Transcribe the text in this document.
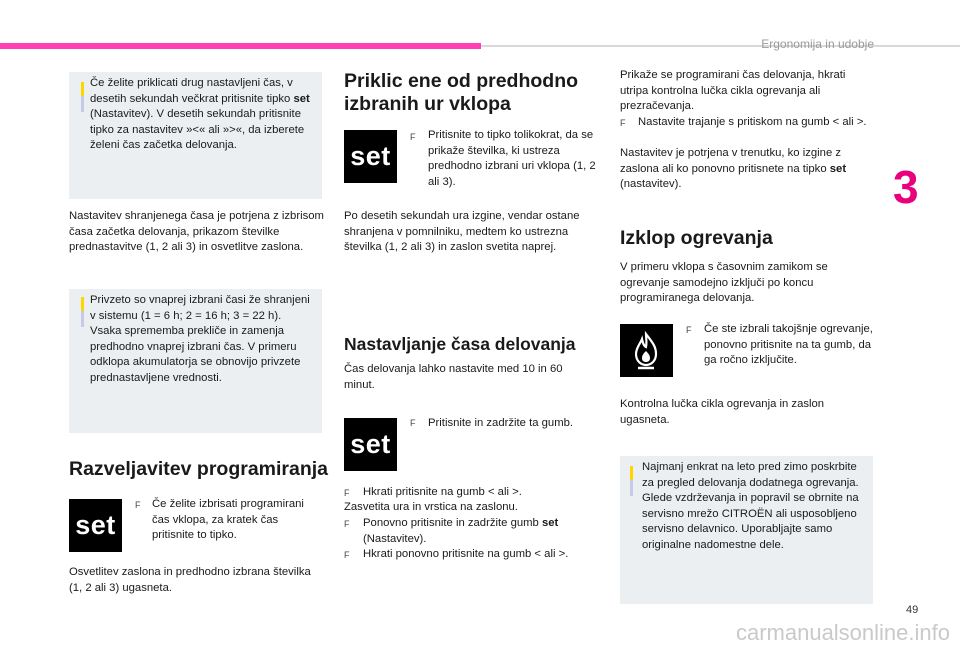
Ergonomija in udobje
3
49
carmanualsonline.info
Če želite priklicati drug nastavljeni čas, v desetih sekundah večkrat pritisnite tipko set (Nastavitev). V desetih sekundah pritisnite tipko za nastavitev »<« ali »>«, da izberete želeni čas začetka delovanja.
Nastavitev shranjenega časa je potrjena z izbrisom časa začetka delovanja, prikazom številke prednastavitve (1, 2 ali 3) in osvetlitve zaslona.
Privzeto so vnaprej izbrani časi že shranjeni v sistemu (1 = 6 h; 2 = 16 h; 3 = 22 h). Vsaka sprememba prekliče in zamenja predhodno vnaprej izbrani čas. V primeru odklopa akumulatorja se obnovijo privzete prednastavljene vrednosti.
Razveljavitev programiranja
set
F Če želite izbrisati programirani čas vklopa, za kratek čas pritisnite to tipko.
Osvetlitev zaslona in predhodno izbrana številka (1, 2 ali 3) ugasneta.
Priklic ene od predhodno izbranih ur vklopa
set
F Pritisnite to tipko tolikokrat, da se prikaže številka, ki ustreza predhodno izbrani uri vklopa (1, 2 ali 3).
Po desetih sekundah ura izgine, vendar ostane shranjena v pomnilniku, medtem ko ustrezna številka (1, 2 ali 3) in zaslon svetita naprej.
Nastavljanje časa delovanja
Čas delovanja lahko nastavite med 10 in 60 minut.
set
F Pritisnite in zadržite ta gumb.
F Hkrati pritisnite na gumb < ali >.
Zasvetita ura in vrstica na zaslonu.
F Ponovno pritisnite in zadržite gumb set
(Nastavitev).
F Hkrati ponovno pritisnite na gumb < ali >.
Prikaže se programirani čas delovanja, hkrati utripa kontrolna lučka cikla ogrevanja ali prezračevanja.
F Nastavite trajanje s pritiskom na gumb < ali >.
Nastavitev je potrjena v trenutku, ko izgine z zaslona ali ko ponovno pritisnete na tipko set (nastavitev).
Izklop ogrevanja
V primeru vklopa s časovnim zamikom se ogrevanje samodejno izključi po koncu programiranega delovanja.
F Če ste izbrali takojšnje ogrevanje, ponovno pritisnite na ta gumb, da ga ročno izključite.
Kontrolna lučka cikla ogrevanja in zaslon ugasneta.
Najmanj enkrat na leto pred zimo poskrbite za pregled delovanja dodatnega ogrevanja. Glede vzdrževanja in popravil se obrnite na servisno mrežo CITROËN ali usposobljeno servisno delavnico. Uporabljajte samo originalne nadomestne dele.
